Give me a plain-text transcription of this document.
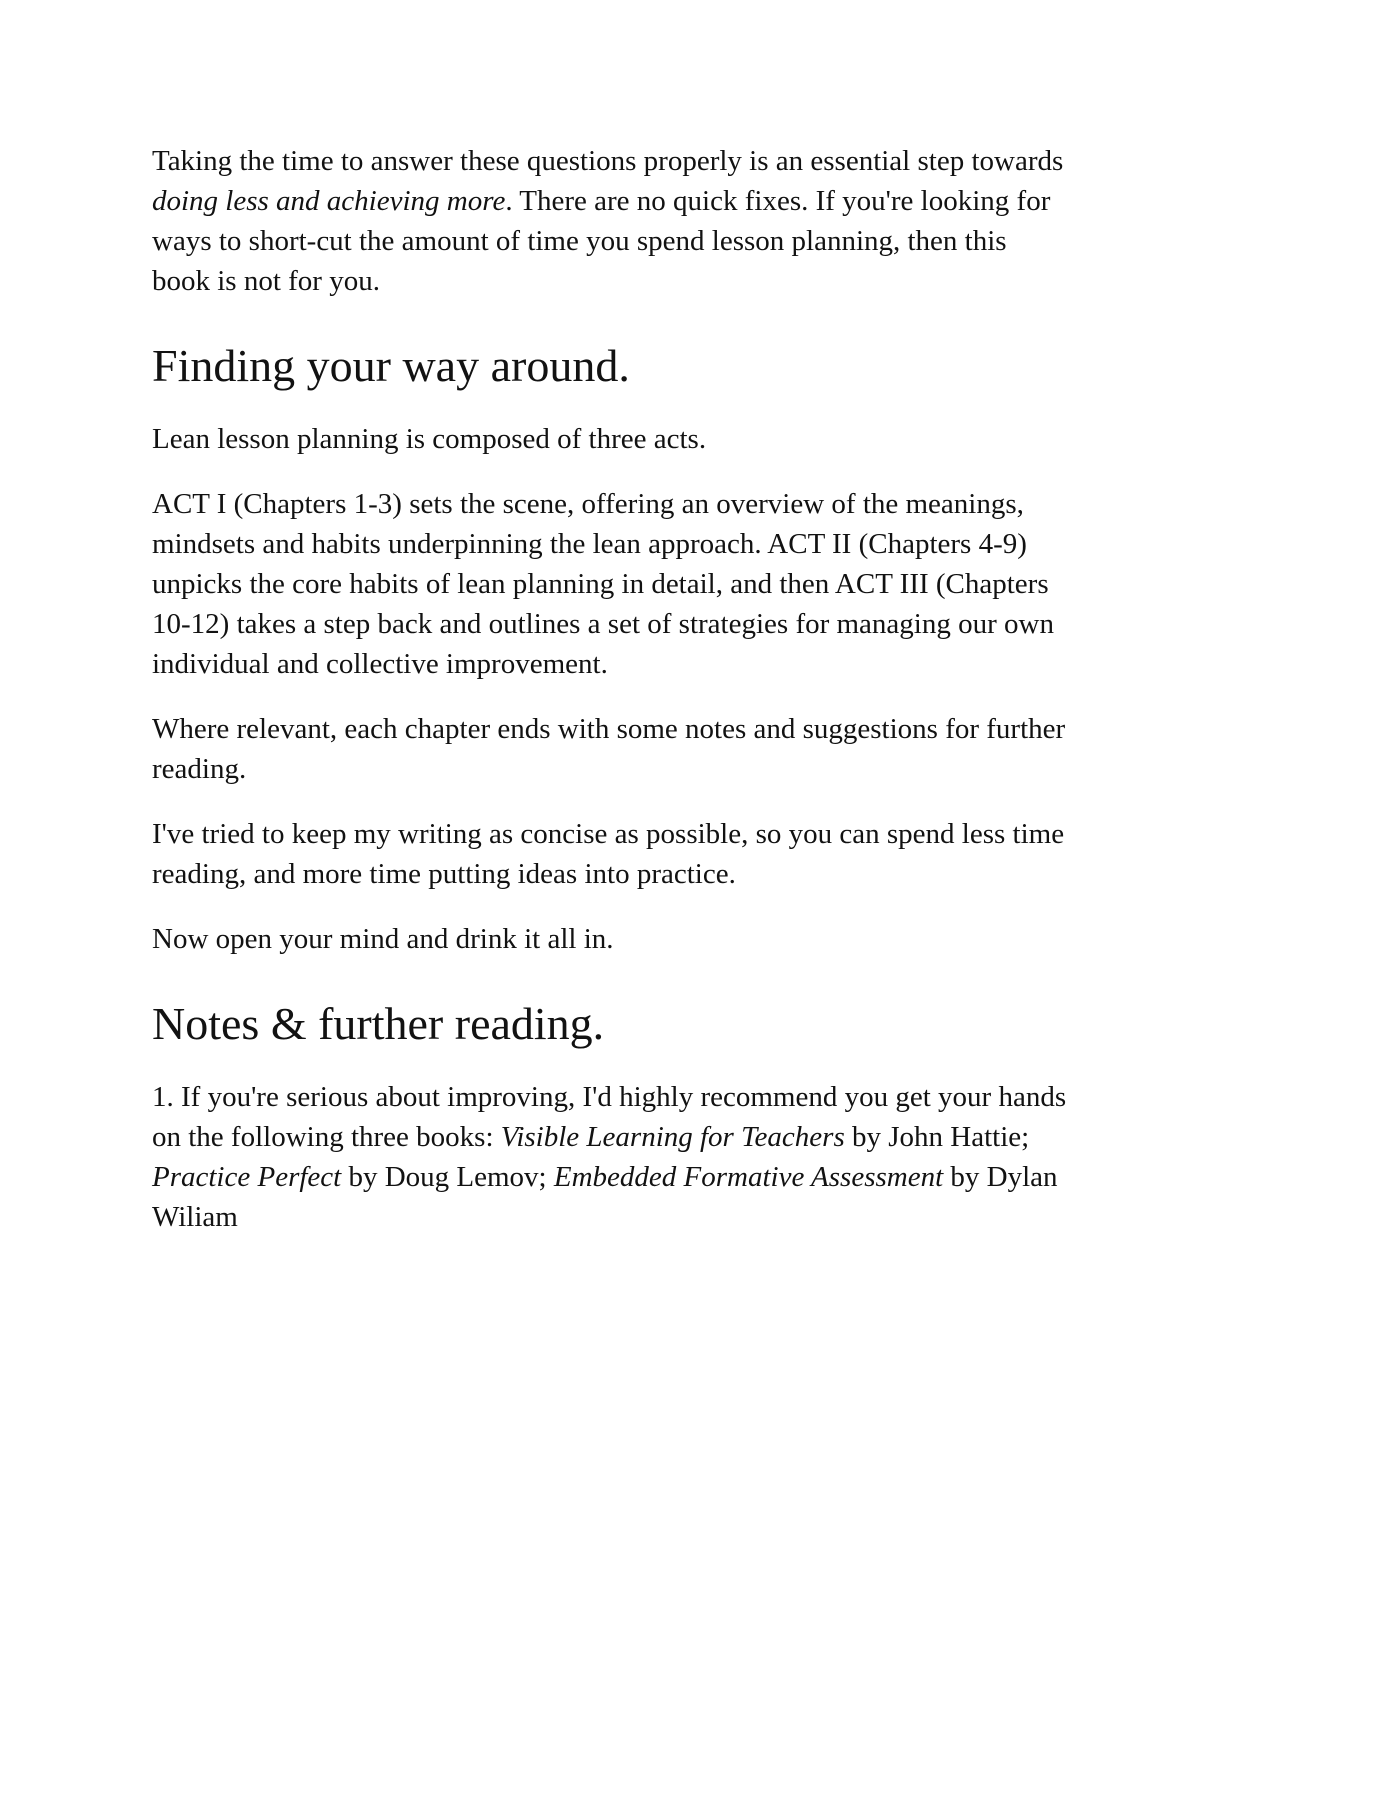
Taking the time to answer these questions properly is an essential step towards doing less and achieving more. There are no quick fixes. If you're looking for ways to short-cut the amount of time you spend lesson planning, then this book is not for you.

Finding your way around.

Lean lesson planning is composed of three acts.

ACT I (Chapters 1-3) sets the scene, offering an overview of the meanings, mindsets and habits underpinning the lean approach. ACT II (Chapters 4-9) unpicks the core habits of lean planning in detail, and then ACT III (Chapters 10-12) takes a step back and outlines a set of strategies for managing our own individual and collective improvement.

Where relevant, each chapter ends with some notes and suggestions for further reading.

I've tried to keep my writing as concise as possible, so you can spend less time reading, and more time putting ideas into practice.

Now open your mind and drink it all in.

Notes & further reading.

1. If you're serious about improving, I'd highly recommend you get your hands on the following three books: Visible Learning for Teachers by John Hattie; Practice Perfect by Doug Lemov; Embedded Formative Assessment by Dylan Wiliam
